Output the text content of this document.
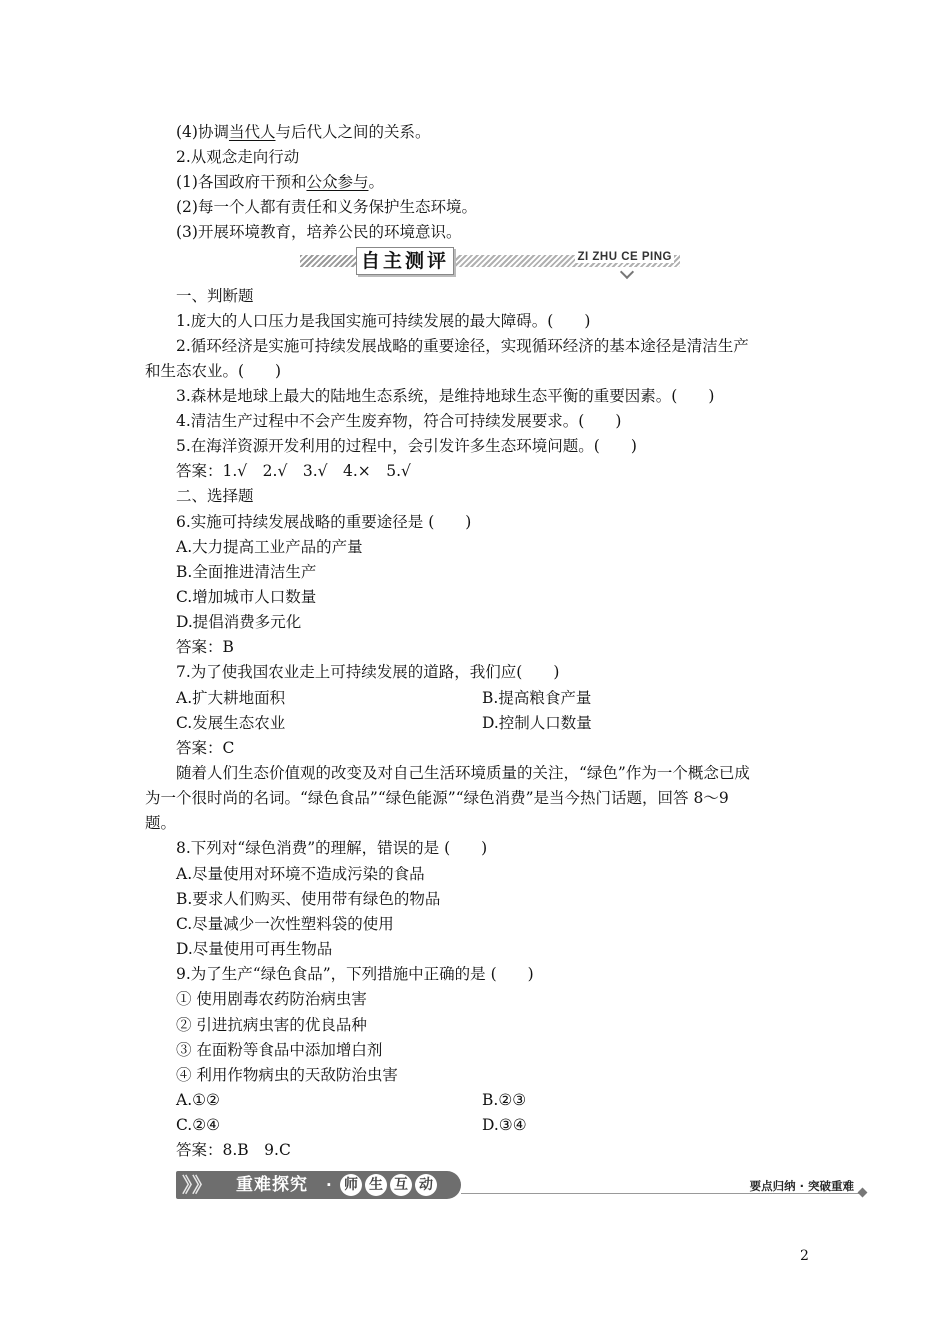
(4)协调当代人与后代人之间的关系。
2.从观念走向行动
(1)各国政府干预和公众参与。
(2)每一个人都有责任和义务保护生态环境。
(3)开展环境教育，培养公民的环境意识。
自主测评	ZI ZHU CE PING
一、判断题
1.庞大的人口压力是我国实施可持续发展的最大障碍。(　　)
2.循环经济是实施可持续发展战略的重要途径，实现循环经济的基本途径是清洁生产
和生态农业。(　　)
3.森林是地球上最大的陆地生态系统，是维持地球生态平衡的重要因素。(　　)
4.清洁生产过程中不会产生废弃物，符合可持续发展要求。(　　)
5.在海洋资源开发利用的过程中，会引发许多生态环境问题。(　　)
答案：1.√　2.√　3.√　4.×　5.√
二、选择题
6.实施可持续发展战略的重要途径是 (　　)
A.大力提高工业产品的产量
B.全面推进清洁生产
C.增加城市人口数量
D.提倡消费多元化
答案：B
7.为了使我国农业走上可持续发展的道路，我们应(　　)
A.扩大耕地面积	B.提高粮食产量
C.发展生态农业	D.控制人口数量
答案：C
随着人们生态价值观的改变及对自己生活环境质量的关注，“绿色”作为一个概念已成
为一个很时尚的名词。“绿色食品”“绿色能源”“绿色消费”是当今热门话题，回答 8～9
题。
8.下列对“绿色消费”的理解，错误的是 (　　)
A.尽量使用对环境不造成污染的食品
B.要求人们购买、使用带有绿色的物品
C.尽量减少一次性塑料袋的使用
D.尽量使用可再生物品
9.为了生产“绿色食品”，下列措施中正确的是 (　　)
① 使用剧毒农药防治病虫害
② 引进抗病虫害的优良品种
③ 在面粉等食品中添加增白剂
④ 利用作物病虫的天敌防治虫害
A.①②	B.②③
C.②④	D.③④
答案：8.B　9.C
》》 重难探究 · 师 生 互 动	要点归纳 · 突破重难
2
